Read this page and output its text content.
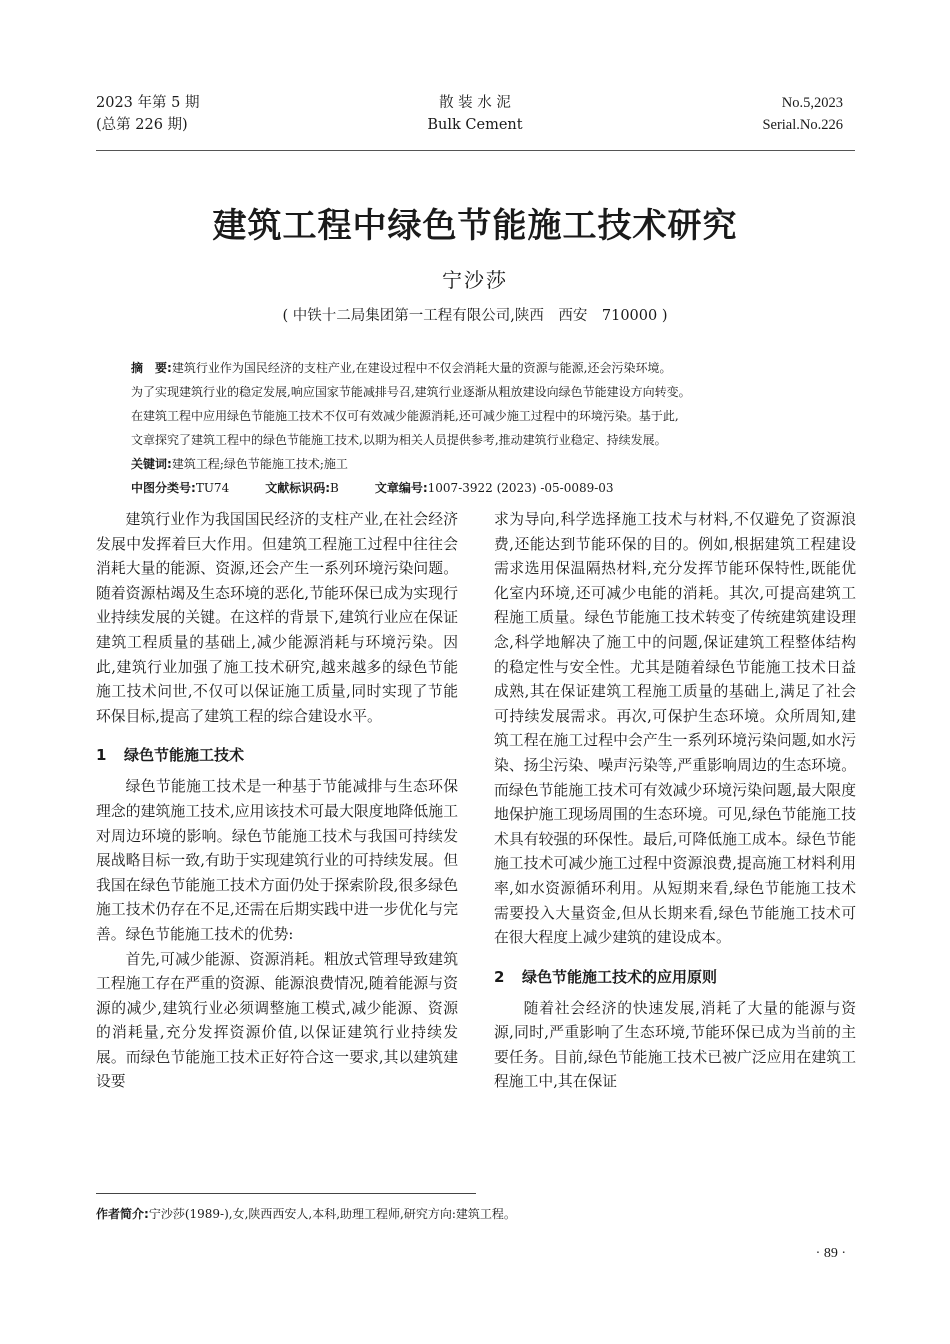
2023 年第 5 期
(总第 226 期)
散 装 水 泥
Bulk Cement
No.5,2023
Serial.No.226
建筑工程中绿色节能施工技术研究
宁沙莎
( 中铁十二局集团第一工程有限公司,陕西　西安　710000 )

摘　要:建筑行业作为国民经济的支柱产业,在建设过程中不仅会消耗大量的资源与能源,还会污染环境。

为了实现建筑行业的稳定发展,响应国家节能减排号召,建筑行业逐渐从粗放建设向绿色节能建设方向转变。

在建筑工程中应用绿色节能施工技术不仅可有效减少能源消耗,还可减少施工过程中的环境污染。基于此,

文章探究了建筑工程中的绿色节能施工技术,以期为相关人员提供参考,推动建筑行业稳定、持续发展。

关键词:建筑工程;绿色节能施工技术;施工

中图分类号:TU74	文献标识码:B	文章编号:1007-3922 (2023) -05-0089-03

建筑行业作为我国国民经济的支柱产业,在社会经济发展中发挥着巨大作用。但建筑工程施工过程中往往会消耗大量的能源、资源,还会产生一系列环境污染问题。随着资源枯竭及生态环境的恶化,节能环保已成为实现行业持续发展的关键。在这样的背景下,建筑行业应在保证建筑工程质量的基础上,减少能源消耗与环境污染。因此,建筑行业加强了施工技术研究,越来越多的绿色节能施工技术问世,不仅可以保证施工质量,同时实现了节能环保目标,提高了建筑工程的综合建设水平。

1 绿色节能施工技术

绿色节能施工技术是一种基于节能减排与生态环保理念的建筑施工技术,应用该技术可最大限度地降低施工对周边环境的影响。绿色节能施工技术与我国可持续发展战略目标一致,有助于实现建筑行业的可持续发展。但我国在绿色节能施工技术方面仍处于探索阶段,很多绿色施工技术仍存在不足,还需在后期实践中进一步优化与完善。绿色节能施工技术的优势:

首先,可减少能源、资源消耗。粗放式管理导致建筑工程施工存在严重的资源、能源浪费情况,随着能源与资源的减少,建筑行业必须调整施工模式,减少能源、资源的消耗量,充分发挥资源价值,以保证建筑行业持续发展。而绿色节能施工技术正好符合这一要求,其以建筑建设要

求为导向,科学选择施工技术与材料,不仅避免了资源浪费,还能达到节能环保的目的。例如,根据建筑工程建设需求选用保温隔热材料,充分发挥节能环保特性,既能优化室内环境,还可减少电能的消耗。其次,可提高建筑工程施工质量。绿色节能施工技术转变了传统建筑建设理念,科学地解决了施工中的问题,保证建筑工程整体结构的稳定性与安全性。尤其是随着绿色节能施工技术日益成熟,其在保证建筑工程施工质量的基础上,满足了社会可持续发展需求。再次,可保护生态环境。众所周知,建筑工程在施工过程中会产生一系列环境污染问题,如水污染、扬尘污染、噪声污染等,严重影响周边的生态环境。而绿色节能施工技术可有效减少环境污染问题,最大限度地保护施工现场周围的生态环境。可见,绿色节能施工技术具有较强的环保性。最后,可降低施工成本。绿色节能施工技术可减少施工过程中资源浪费,提高施工材料利用率,如水资源循环利用。从短期来看,绿色节能施工技术需要投入大量资金,但从长期来看,绿色节能施工技术可在很大程度上减少建筑的建设成本。

2 绿色节能施工技术的应用原则

随着社会经济的快速发展,消耗了大量的能源与资源,同时,严重影响了生态环境,节能环保已成为当前的主要任务。目前,绿色节能施工技术已被广泛应用在建筑工程施工中,其在保证

作者简介:宁沙莎(1989-),女,陕西西安人,本科,助理工程师,研究方向:建筑工程。
· 89 ·
